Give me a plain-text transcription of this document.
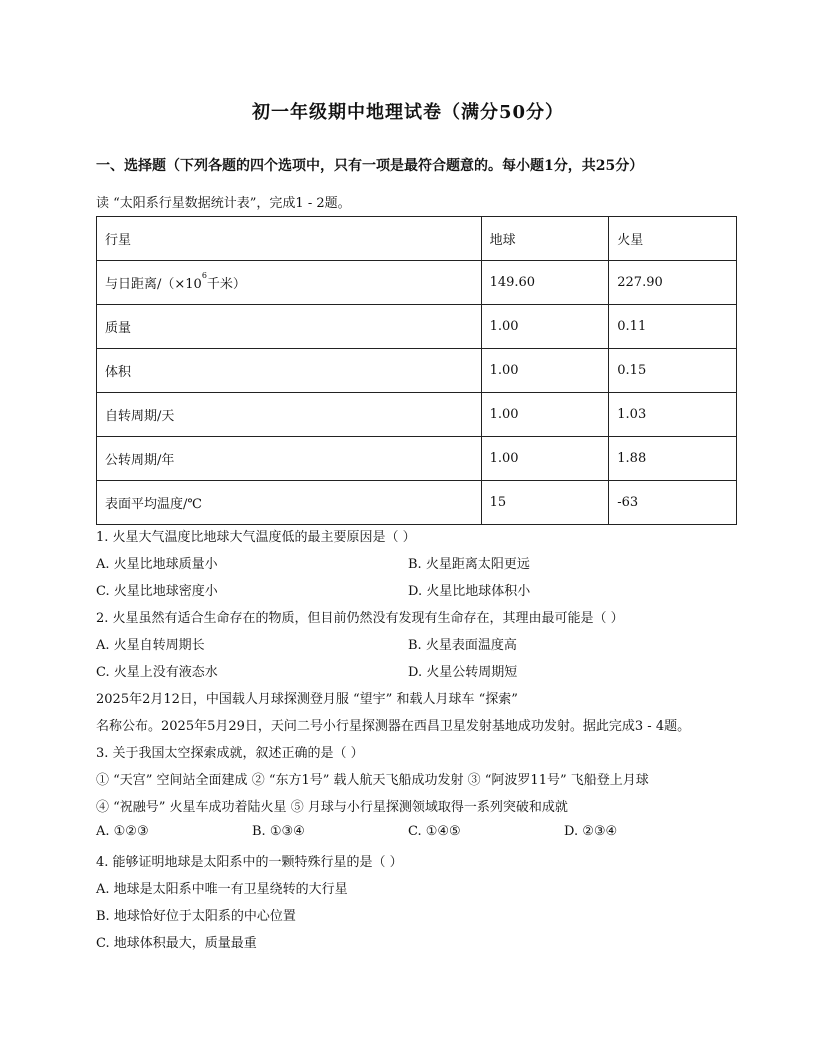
初一年级期中地理试卷（满分50分）
一、选择题（下列各题的四个选项中，只有一项是最符合题意的。每小题1分，共25分）
读 “太阳系行星数据统计表”，完成1 - 2题。
行星	地球	火星
与日距离$/(\times 10^6$千米）	149.60	227.90
质量	1.00	0.11
体积	1.00	0.15
自转周期/天	1.00	1.03
公转周期/年	1.00	1.88
表面平均温度/℃	15	-63
1. 火星大气温度比地球大气温度低的最主要原因是（ ）
A. 火星比地球质量小	B. 火星距离太阳更远
C. 火星比地球密度小	D. 火星比地球体积小
2. 火星虽然有适合生命存在的物质，但目前仍然没有发现有生命存在，其理由最可能是（ ）
A. 火星自转周期长	B. 火星表面温度高
C. 火星上没有液态水	D. 火星公转周期短
2025年2月12日，中国载人月球探测登月服 “望宇” 和载人月球车 “探索”
名称公布。2025年5月29日，天问二号小行星探测器在西昌卫星发射基地成功发射。据此完成3 - 4题。
3. 关于我国太空探索成就，叙述正确的是（ ）
① “天宫” 空间站全面建成 ② “东方1号” 载人航天飞船成功发射 ③ “阿波罗11号” 飞船登上月球
④ “祝融号” 火星车成功着陆火星 ⑤ 月球与小行星探测领域取得一系列突破和成就
A. ①②③	B. ①③④	C. ①④⑤	D. ②③④
4. 能够证明地球是太阳系中的一颗特殊行星的是（ ）
A. 地球是太阳系中唯一有卫星绕转的大行星
B. 地球恰好位于太阳系的中心位置
C. 地球体积最大，质量最重
